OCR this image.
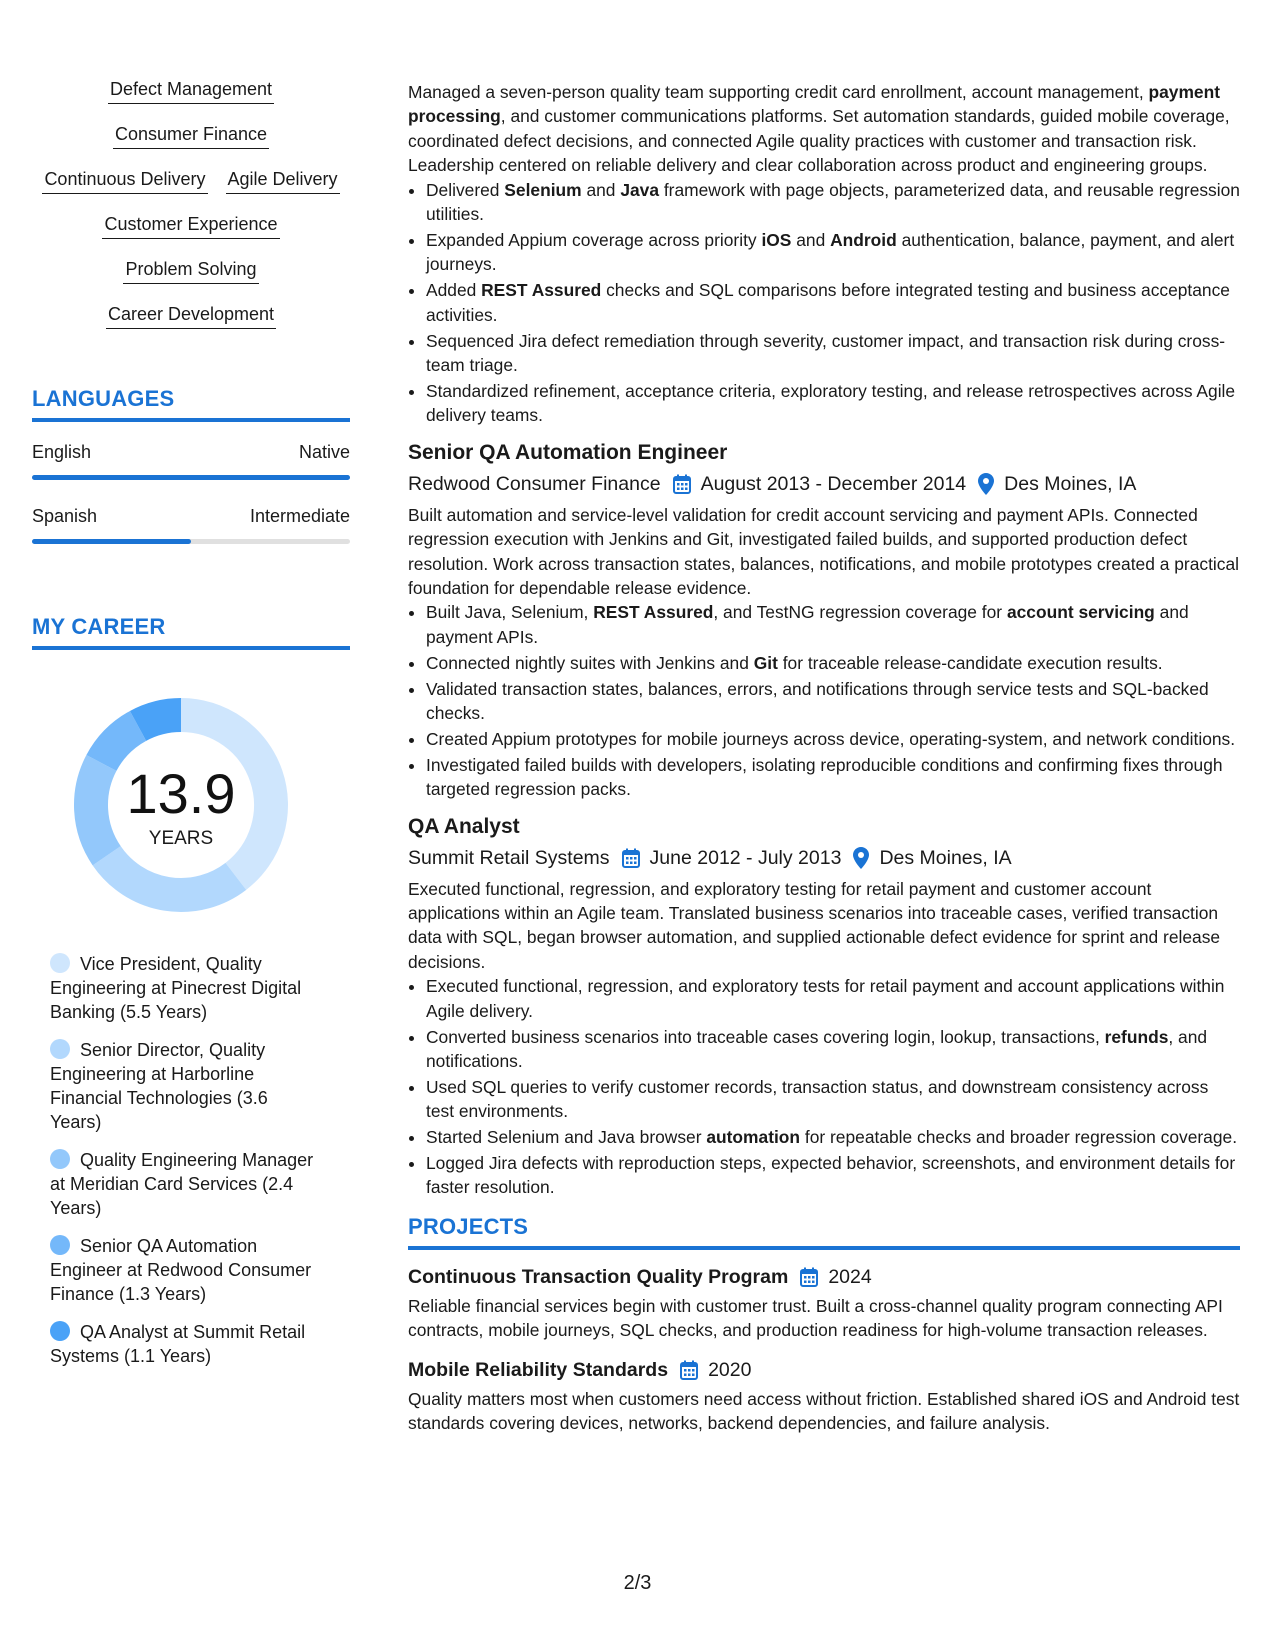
Defect Management
Consumer Finance
Continuous Delivery Agile Delivery
Customer Experience
Problem Solving
Career Development
LANGUAGES
English	Native
Spanish	Intermediate
MY CAREER
13.9
YEARS
Vice President, Quality Engineering at Pinecrest Digital Banking (5.5 Years)
Senior Director, Quality Engineering at Harborline Financial Technologies (3.6 Years)
Quality Engineering Manager at Meridian Card Services (2.4 Years)
Senior QA Automation Engineer at Redwood Consumer Finance (1.3 Years)
QA Analyst at Summit Retail Systems (1.1 Years)
Managed a seven-person quality team supporting credit card enrollment, account management, payment processing, and customer communications platforms. Set automation standards, guided mobile coverage, coordinated defect decisions, and connected Agile quality practices with customer and transaction risk. Leadership centered on reliable delivery and clear collaboration across product and engineering groups.
• Delivered Selenium and Java framework with page objects, parameterized data, and reusable regression utilities.
• Expanded Appium coverage across priority iOS and Android authentication, balance, payment, and alert journeys.
• Added REST Assured checks and SQL comparisons before integrated testing and business acceptance activities.
• Sequenced Jira defect remediation through severity, customer impact, and transaction risk during cross-team triage.
• Standardized refinement, acceptance criteria, exploratory testing, and release retrospectives across Agile delivery teams.
Senior QA Automation Engineer
Redwood Consumer Finance August 2013 - December 2014 Des Moines, IA
Built automation and service-level validation for credit account servicing and payment APIs. Connected regression execution with Jenkins and Git, investigated failed builds, and supported production defect resolution. Work across transaction states, balances, notifications, and mobile prototypes created a practical foundation for dependable release evidence.
• Built Java, Selenium, REST Assured, and TestNG regression coverage for account servicing and payment APIs.
• Connected nightly suites with Jenkins and Git for traceable release-candidate execution results.
• Validated transaction states, balances, errors, and notifications through service tests and SQL-backed checks.
• Created Appium prototypes for mobile journeys across device, operating-system, and network conditions.
• Investigated failed builds with developers, isolating reproducible conditions and confirming fixes through targeted regression packs.
QA Analyst
Summit Retail Systems June 2012 - July 2013 Des Moines, IA
Executed functional, regression, and exploratory testing for retail payment and customer account applications within an Agile team. Translated business scenarios into traceable cases, verified transaction data with SQL, began browser automation, and supplied actionable defect evidence for sprint and release decisions.
• Executed functional, regression, and exploratory tests for retail payment and account applications within Agile delivery.
• Converted business scenarios into traceable cases covering login, lookup, transactions, refunds, and notifications.
• Used SQL queries to verify customer records, transaction status, and downstream consistency across test environments.
• Started Selenium and Java browser automation for repeatable checks and broader regression coverage.
• Logged Jira defects with reproduction steps, expected behavior, screenshots, and environment details for faster resolution.
PROJECTS
Continuous Transaction Quality Program 2024
Reliable financial services begin with customer trust. Built a cross-channel quality program connecting API contracts, mobile journeys, SQL checks, and production readiness for high-volume transaction releases.
Mobile Reliability Standards 2020
Quality matters most when customers need access without friction. Established shared iOS and Android test standards covering devices, networks, backend dependencies, and failure analysis.
2/3
